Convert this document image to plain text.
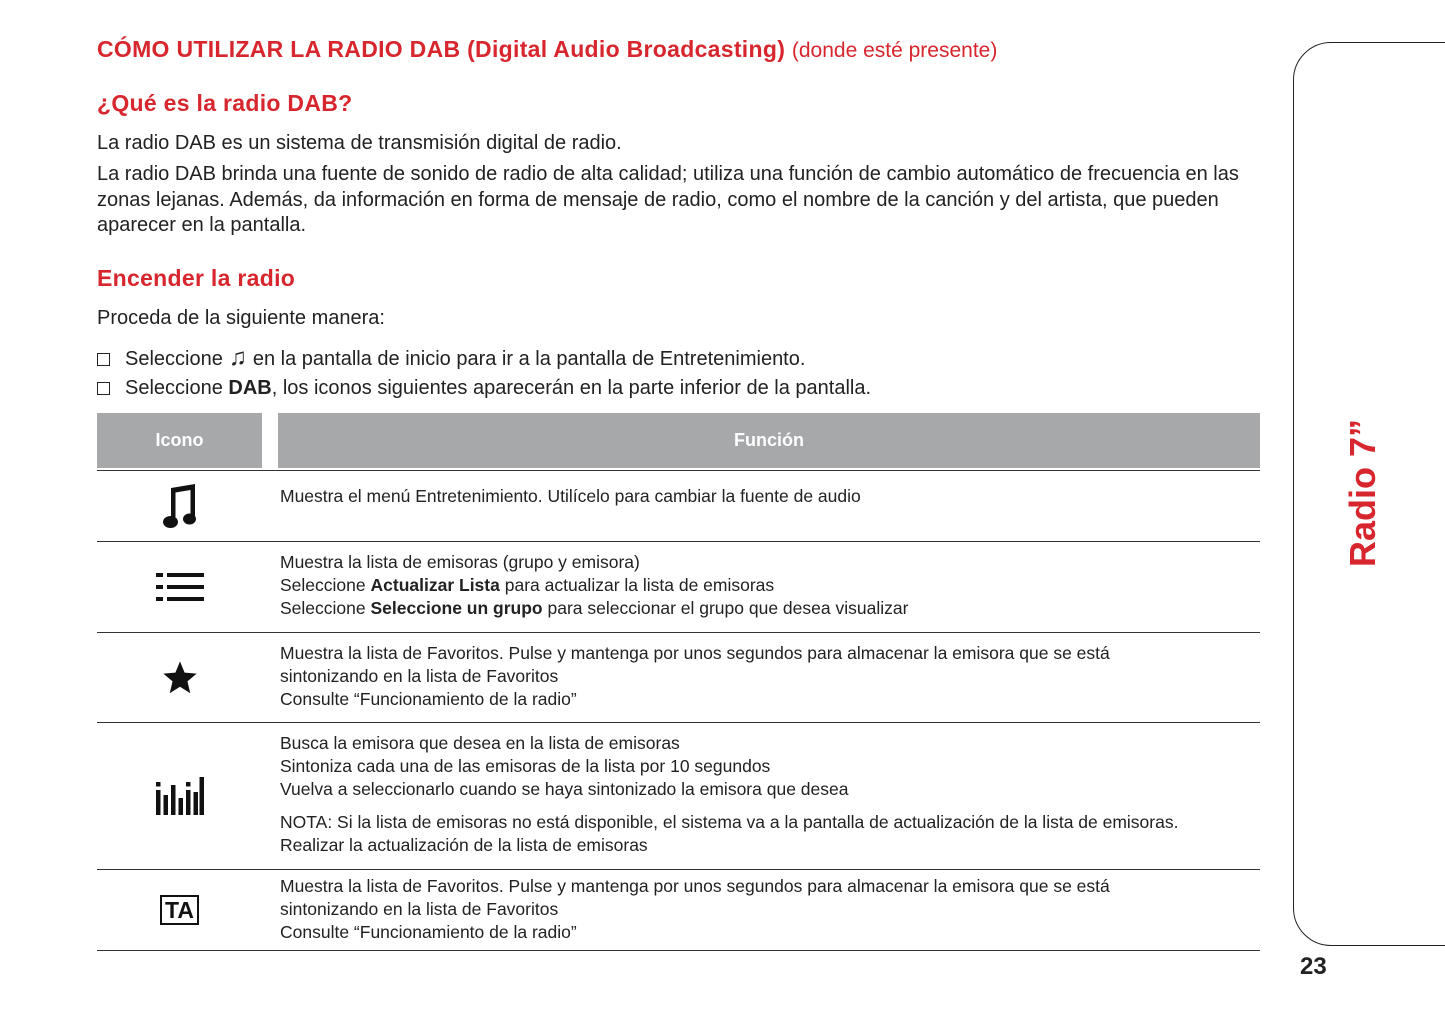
CÓMO UTILIZAR LA RADIO DAB (Digital Audio Broadcasting) (donde esté presente)
¿Qué es la radio DAB?

La radio DAB es un sistema de transmisión digital de radio.

La radio DAB brinda una fuente de sonido de radio de alta calidad; utiliza una función de cambio automático de frecuencia en las zonas lejanas. Además, da información en forma de mensaje de radio, como el nombre de la canción y del artista, que pueden aparecer en la pantalla.

Encender la radio

Proceda de la siguiente manera:

Seleccione ♫ en la pantalla de inicio para ir a la pantalla de Entretenimiento.
Seleccione DAB, los iconos siguientes aparecerán en la parte inferior de la pantalla.
Icono	Función
Muestra el menú Entretenimiento. Utilícelo para cambiar la fuente de audio
Muestra la lista de emisoras (grupo y emisora)
Seleccione Actualizar Lista para actualizar la lista de emisoras
Seleccione Seleccione un grupo para seleccionar el grupo que desea visualizar
Muestra la lista de Favoritos. Pulse y mantenga por unos segundos para almacenar la emisora que se está
sintonizando en la lista de Favoritos
Consulte “Funcionamiento de la radio”
Busca la emisora que desea en la lista de emisoras
Sintoniza cada una de las emisoras de la lista por 10 segundos
Vuelva a seleccionarlo cuando se haya sintonizado la emisora que desea
NOTA: Si la lista de emisoras no está disponible, el sistema va a la pantalla de actualización de la lista de emisoras.
Realizar la actualización de la lista de emisoras
TA
Muestra la lista de Favoritos. Pulse y mantenga por unos segundos para almacenar la emisora que se está
sintonizando en la lista de Favoritos
Consulte “Funcionamiento de la radio”
Radio 7”
23
